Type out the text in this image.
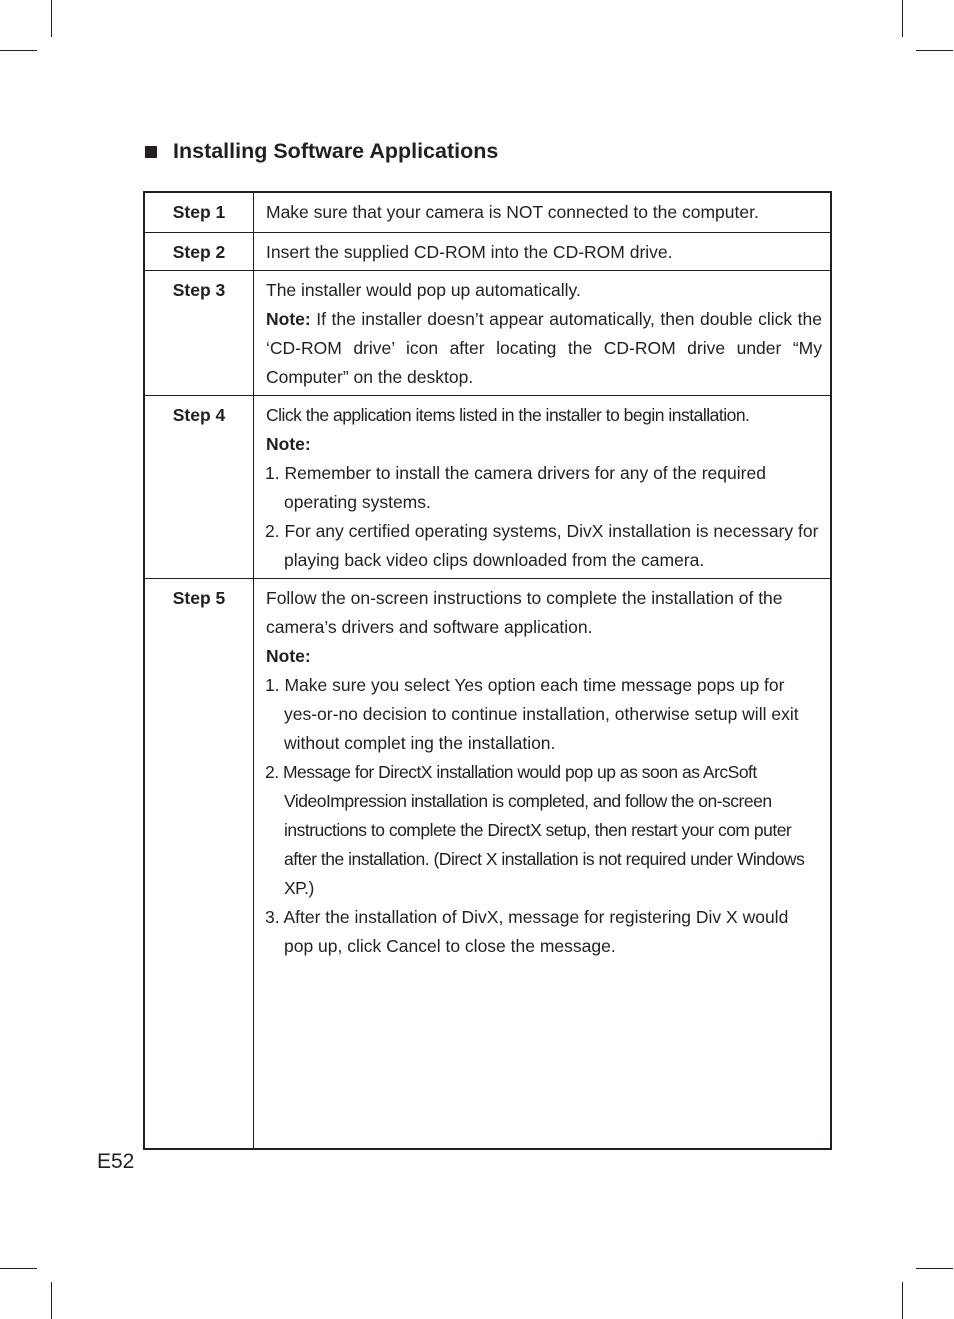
Installing Software Applications
Step 1	Make sure that your camera is NOT connected to the computer.
Step 2	Insert the supplied CD-ROM into the CD-ROM drive.
Step 3	The installer would pop up automatically.
Note: If the installer doesn’t appear automatically, then double click the ‘CD-ROM drive’ icon after locating the CD-ROM drive under “My Computer” on the desktop.

Step 4	Click the application items listed in the installer to begin installation.
Note:
1. Remember to install the camera drivers for any of the required operating systems.
2. For any certified operating systems, DivX installation is necessary for playing back video clips downloaded from the camera.

Step 5	Follow the on-screen instructions to complete the installation of the camera’s drivers and software application.
Note:
1. Make sure you select Yes option each time message pops up for yes-or-no decision to continue installation, otherwise setup will exit without complet ing the installation.
2. Message for DirectX installation would pop up as soon as ArcSoft VideoImpression installation is completed, and follow the on-screen instructions to complete the DirectX setup, then restart your com puter after the installation. (Direct X installation is not required under Windows XP.)
3. After the installation of DivX, message for registering Div X would pop up, click Cancel to close the message.
E52
